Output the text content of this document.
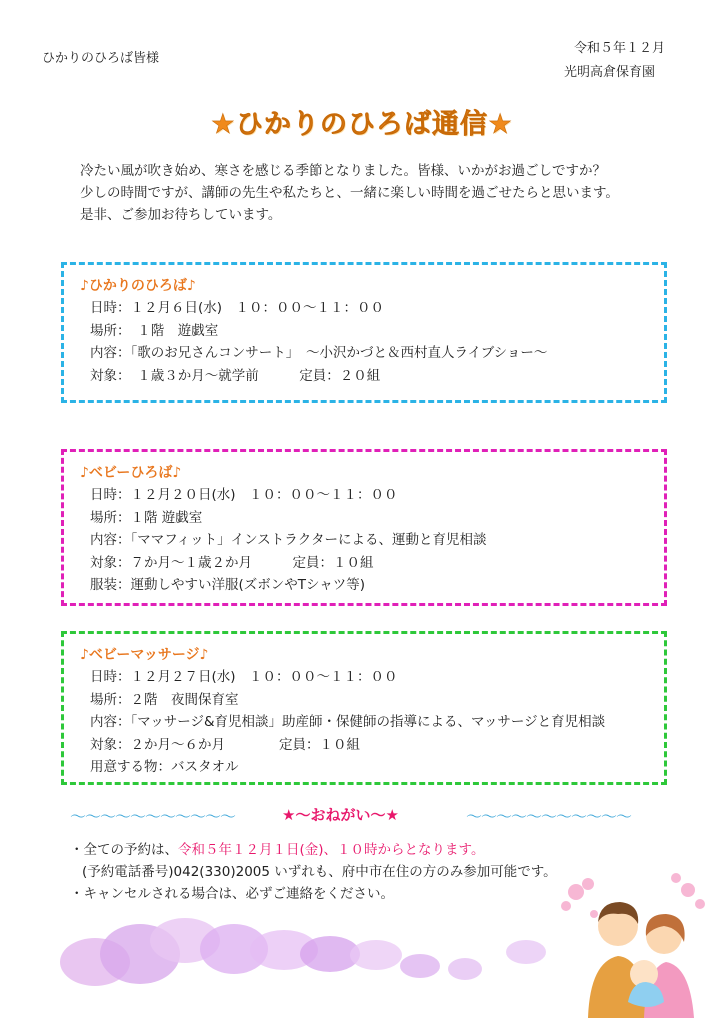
ひかりのひろば皆様
令和５年１２月
光明高倉保育園
★ひかりのひろば通信★
冷たい風が吹き始め、寒さを感じる季節となりました。皆様、いかがお過ごしですか？
少しの時間ですが、講師の先生や私たちと、一緒に楽しい時間を過ごせたらと思います。
是非、ご参加お待ちしています。
♪ひかりのひろば♪
日時：１２月６日(水)　１０：００〜１１：００
場所：　１階　遊戯室
内容：「歌のお兄さんコンサート」　〜小沢かづと＆西村直人ライブショー〜
対象：　１歳３か月〜就学前　　　定員：２０組
♪ベビーひろば♪
日時：１２月２０日(水)　１０：００〜１１：００
場所：１階 遊戯室
内容：「ママフィット」インストラクターによる、運動と育児相談
対象：７か月〜１歳２か月　　　定員：１０組
服装：運動しやすい洋服(ズボンやTシャツ等)
♪ベビーマッサージ♪
日時：１２月２７日(水)　１０：００〜１１：００
場所：２階　夜間保育室
内容：「マッサージ&育児相談」助産師・保健師の指導による、マッサージと育児相談
対象：２か月〜６か月　　　　定員：１０組
用意する物：バスタオル
〜〜〜〜〜〜〜〜〜〜〜	★〜おねがい〜★	〜〜〜〜〜〜〜〜〜〜〜
・全ての予約は、令和５年１２月１日(金)、１０時からとなります。
(予約電話番号)042(330)2005 いずれも、府中市在住の方のみ参加可能です。
・キャンセルされる場合は、必ずご連絡をください。
